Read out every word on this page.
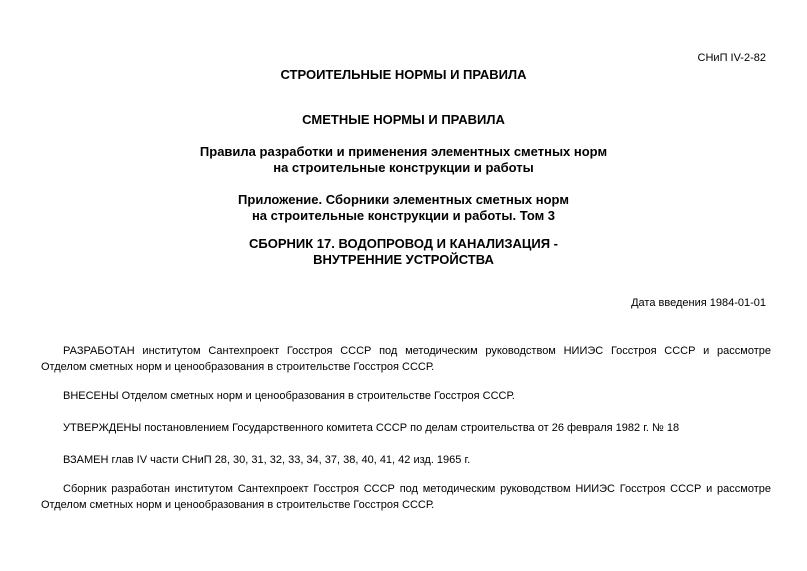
СНиП IV-2-82
СТРОИТЕЛЬНЫЕ НОРМЫ И ПРАВИЛА
СМЕТНЫЕ НОРМЫ И ПРАВИЛА
Правила разработки и применения элементных сметных норм
на строительные конструкции и работы
Приложение. Сборники элементных сметных норм
на строительные конструкции и работы. Том 3
СБОРНИК 17. ВОДОПРОВОД И КАНАЛИЗАЦИЯ -
ВНУТРЕННИЕ УСТРОЙСТВА
Дата введения 1984-01-01
РАЗРАБОТАН институтом Сантехпроект Госстроя СССР под методическим руководством НИИЭС Госстроя СССР и рассмотре
Отделом сметных норм и ценообразования в строительстве Госстроя СССР.
ВНЕСЕНЫ Отделом сметных норм и ценообразования в строительстве Госстроя СССР.
УТВЕРЖДЕНЫ постановлением Государственного комитета СССР по делам строительства от 26 февраля 1982 г. № 18
ВЗАМЕН глав IV части СНиП 28, 30, 31, 32, 33, 34, 37, 38, 40, 41, 42 изд. 1965 г.
Сборник разработан институтом Сантехпроект Госстроя СССР под методическим руководством НИИЭС Госстроя СССР и рассмотре
Отделом сметных норм и ценообразования в строительстве Госстроя СССР.
